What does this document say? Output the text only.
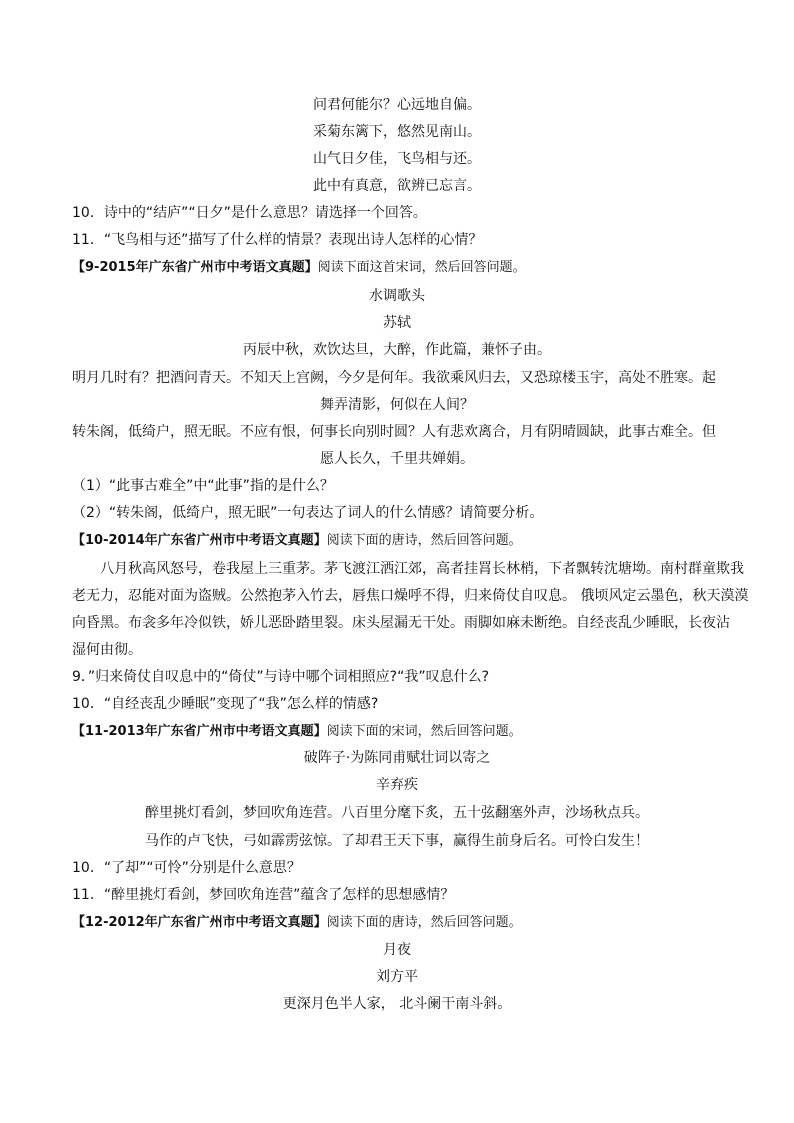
问君何能尔？心远地自偏。
采菊东篱下，悠然见南山。
山气日夕佳，飞鸟相与还。
此中有真意，欲辨已忘言。
10．诗中的“结庐”“日夕”是什么意思？请选择一个回答。
11．“飞鸟相与还”描写了什么样的情景？表现出诗人怎样的心情？
【9-2015年广东省广州市中考语文真题】阅读下面这首宋词，然后回答问题。
水调歌头
苏轼
丙辰中秋，欢饮达旦，大醉，作此篇，兼怀子由。
明月几时有？把酒问青天。不知天上宫阙，今夕是何年。我欲乘风归去，又恐琼楼玉宇，高处不胜寒。起
舞弄清影，何似在人间？
转朱阁，低绮户，照无眠。不应有恨，何事长向别时圆？人有悲欢离合，月有阴晴圆缺，此事古难全。但
愿人长久，千里共婵娟。
（1）“此事古难全”中“此事”指的是什么？
（2）“转朱阁，低绮户，照无眠”一句表达了词人的什么情感？请简要分析。
【10-2014年广东省广州市中考语文真题】阅读下面的唐诗，然后回答问题。
八月秋高风怒号，卷我屋上三重茅。茅飞渡江洒江郊，高者挂罥长林梢，下者飘转沈塘坳。南村群童欺我
老无力，忍能对面为盗贼。公然抱茅入竹去，唇焦口燥呼不得，归来倚仗自叹息。 俄顷风定云墨色，秋天漠漠
向昏黑。布衾多年冷似铁，娇儿恶卧踏里裂。床头屋漏无干处。雨脚如麻未断绝。自经丧乱少睡眠，长夜沾
湿何由彻。
9．”归来倚仗自叹息中的“倚仗”与诗中哪个词相照应?“我”叹息什么?
10．“自经丧乱少睡眠”变现了“我”怎么样的情感?
【11-2013年广东省广州市中考语文真题】阅读下面的宋词，然后回答问题。
破阵子·为陈同甫赋壮词以寄之
辛弃疾
醉里挑灯看剑，梦回吹角连营。八百里分麾下炙，五十弦翻塞外声，沙场秋点兵。
马作的卢飞快，弓如霹雳弦惊。了却君王天下事，赢得生前身后名。可怜白发生！
10．“了却”“可怜”分别是什么意思？
11．“醉里挑灯看剑，梦回吹角连营”蕴含了怎样的思想感情？
【12-2012年广东省广州市中考语文真题】阅读下面的唐诗，然后回答问题。
月夜
刘方平
更深月色半人家， 北斗阑干南斗斜。
